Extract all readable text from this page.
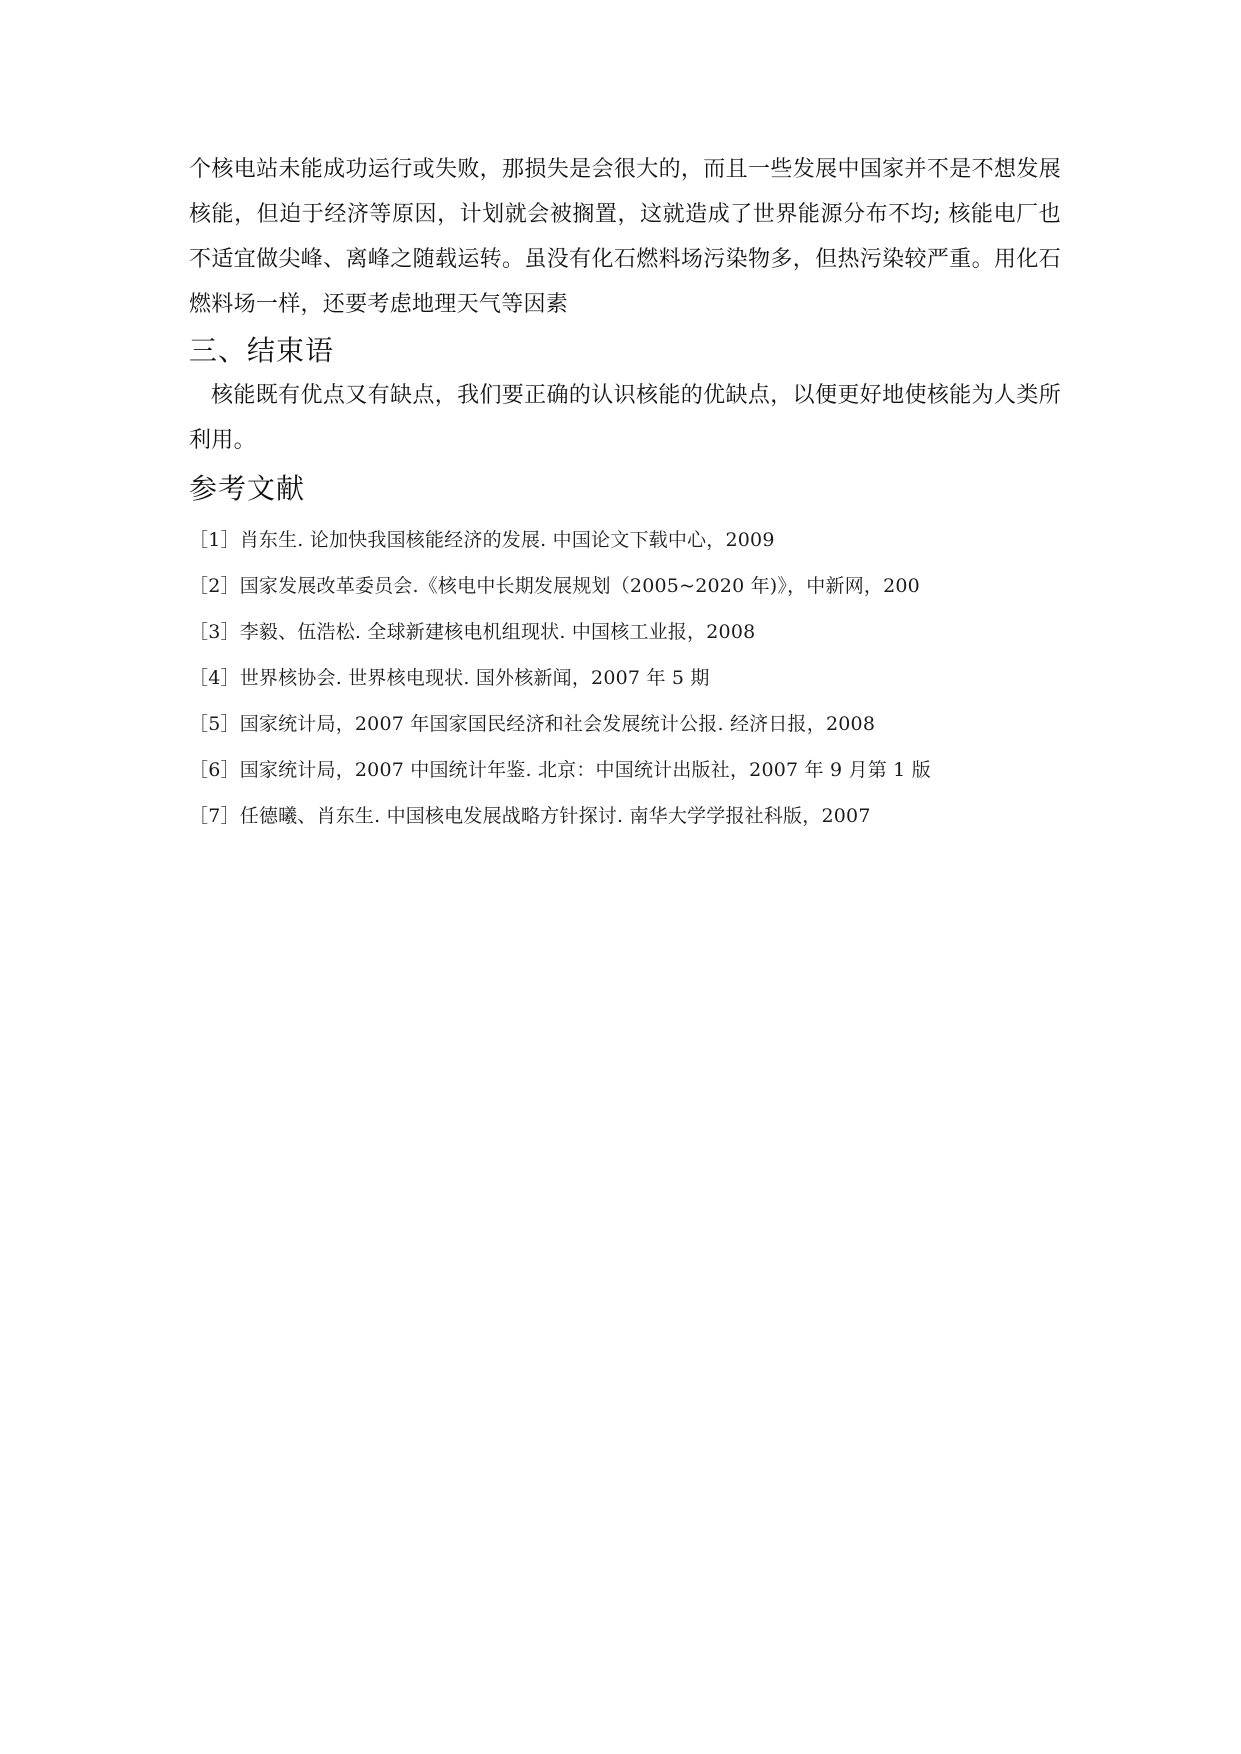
个核电站未能成功运行或失败，那损失是会很大的，而且一些发展中国家并不是不想发展核能，但迫于经济等原因，计划就会被搁置，这就造成了世界能源分布不均; 核能电厂也不适宜做尖峰、离峰之随载运转。虽没有化石燃料场污染物多，但热污染较严重。用化石燃料场一样，还要考虑地理天气等因素

三、结束语

核能既有优点又有缺点，我们要正确的认识核能的优缺点，以便更好地使核能为人类所利用。

参考文献
［1］肖东生. 论加快我国核能经济的发展. 中国论文下载中心，2009
［2］国家发展改革委员会.《核电中长期发展规划（2005~2020 年)》，中新网，200
［3］李毅、伍浩松. 全球新建核电机组现状. 中国核工业报，2008
［4］世界核协会. 世界核电现状. 国外核新闻，2007 年 5 期
［5］国家统计局，2007 年国家国民经济和社会发展统计公报. 经济日报，2008
［6］国家统计局，2007 中国统计年鉴. 北京：中国统计出版社，2007 年 9 月第 1 版
［7］任德曦、肖东生. 中国核电发展战略方针探讨. 南华大学学报社科版，2007
